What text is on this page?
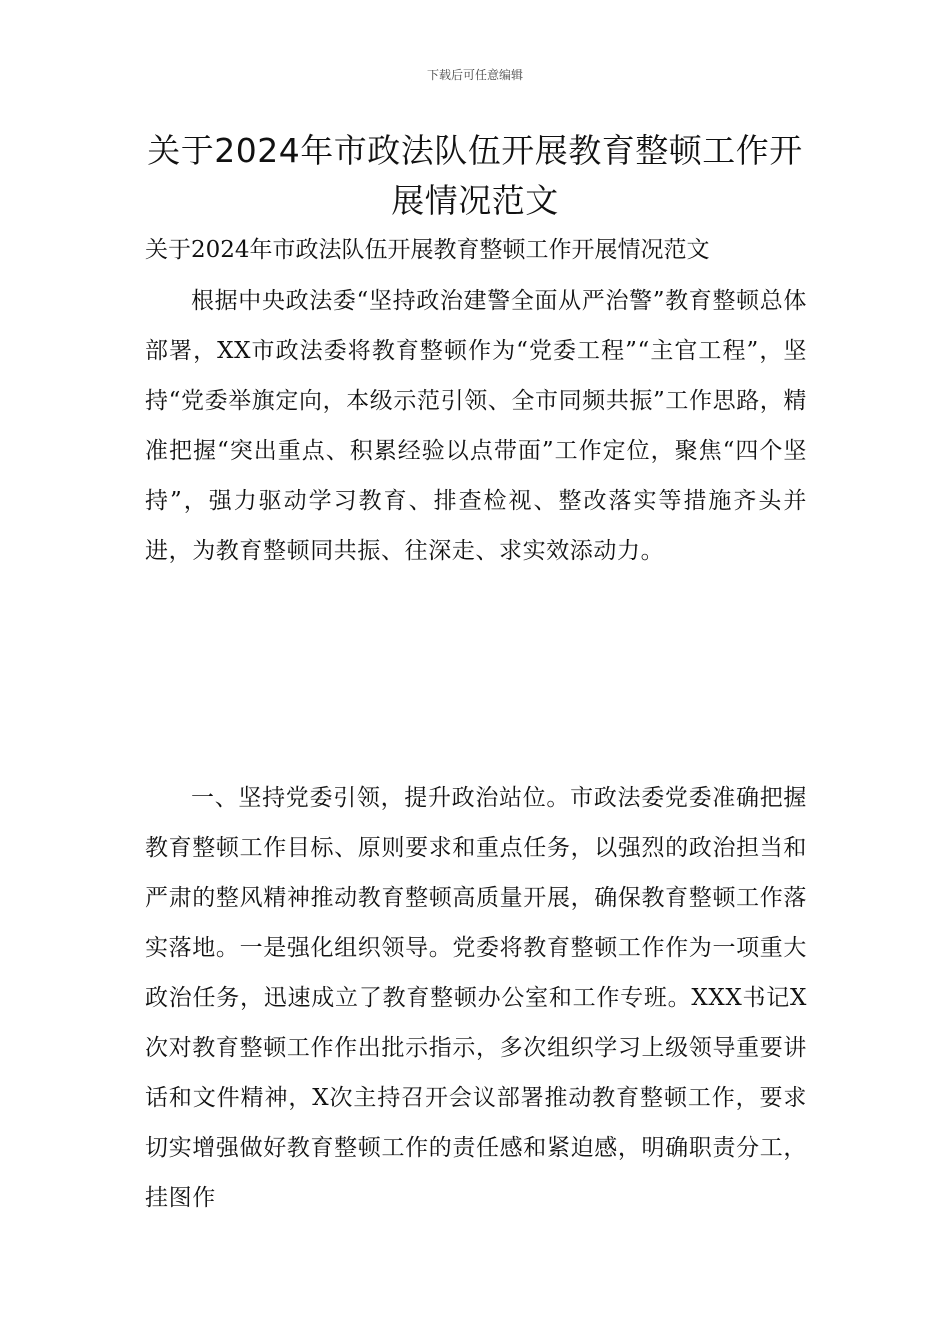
下载后可任意编辑
关于2024年市政法队伍开展教育整顿工作开展情况范文

关于2024年市政法队伍开展教育整顿工作开展情况范文

根据中央政法委“坚持政治建警全面从严治警”教育整顿总体部署，XX市政法委将教育整顿作为“党委工程”“主官工程”，坚持“党委举旗定向，本级示范引领、全市同频共振”工作思路，精准把握“突出重点、积累经验以点带面”工作定位，聚焦“四个坚持”，强力驱动学习教育、排查检视、整改落实等措施齐头并进，为教育整顿同共振、往深走、求实效添动力。

一、坚持党委引领，提升政治站位。市政法委党委准确把握教育整顿工作目标、原则要求和重点任务，以强烈的政治担当和严肃的整风精神推动教育整顿高质量开展，确保教育整顿工作落实落地。一是强化组织领导。党委将教育整顿工作作为一项重大政治任务，迅速成立了教育整顿办公室和工作专班。XXX书记X次对教育整顿工作作出批示指示，多次组织学习上级领导重要讲话和文件精神，X次主持召开会议部署推动教育整顿工作，要求切实增强做好教育整顿工作的责任感和紧迫感，明确职责分工，挂图作
